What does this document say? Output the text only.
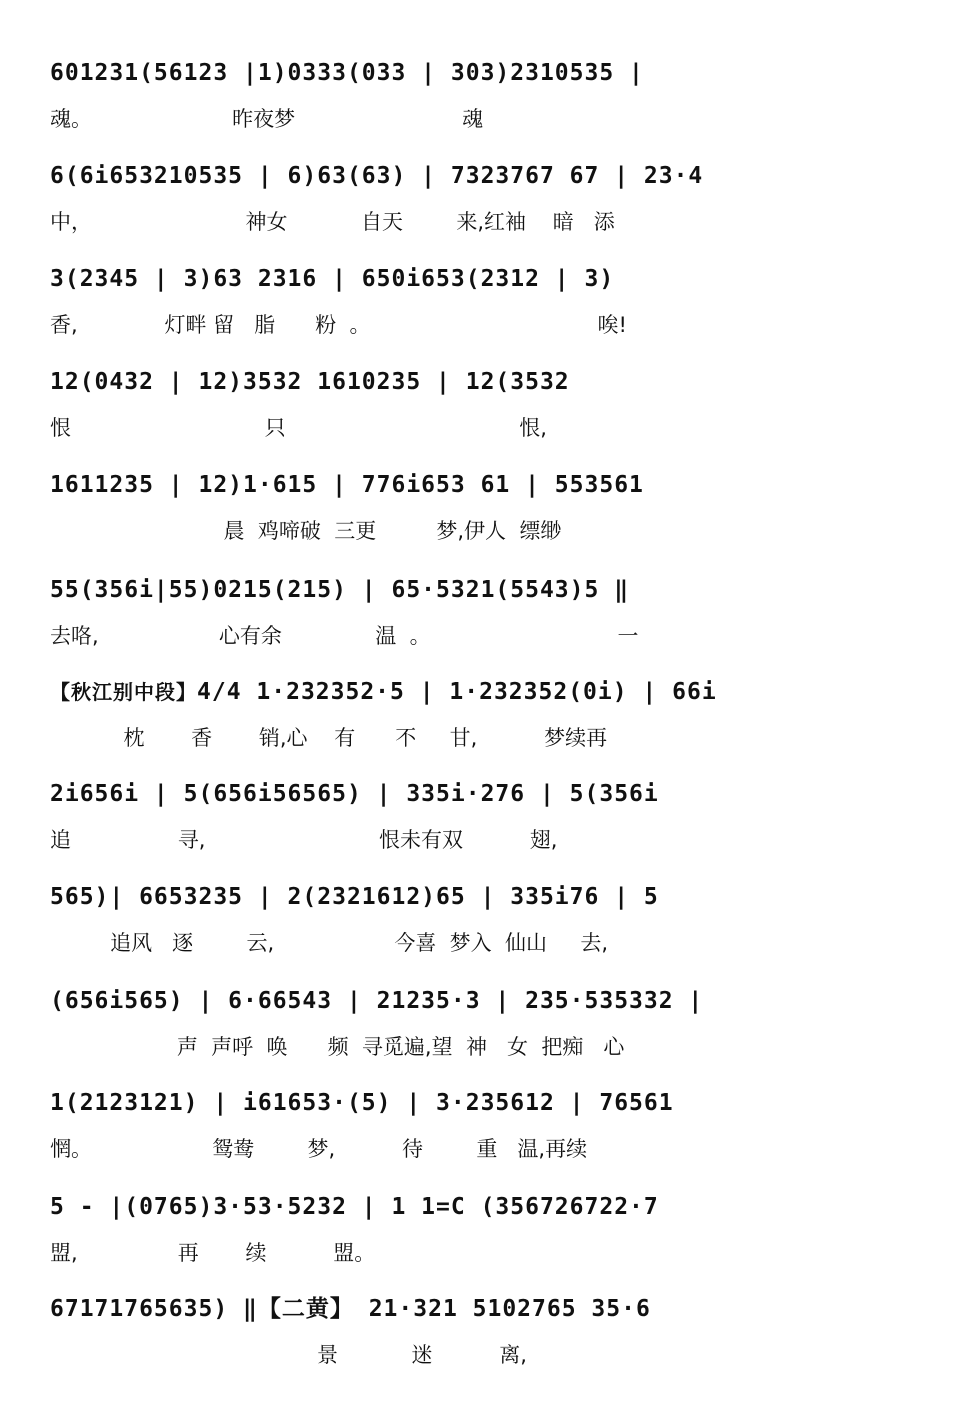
601231(56123 |1)0333(033 | 303)2310535 |
魂。                     昨夜梦                         魂
6(6i653210535 | 6)63(63) | 7323767 67 | 23·4
中，                       神女           自天        来,红袖    暗   添
3(2345 | 3)63 2316 | 650i653(2312 | 3)
香,             灯畔 留   脂      粉  。                                  唉!
12(0432 | 12)3532 1610235 | 12(3532
恨                             只                                   恨,
1611235 | 12)1·615 | 776i653 61 | 553561
晨  鸡啼破  三更         梦,伊人  缥缈
55(356i|55)0215(215) | 65·5321(5543)5 ‖
去咯,                  心有余              温  。                            一
【秋江别中段】4/4 1·232352·5 | 1·232352(0i) | 66i
枕       香       销,心    有      不     甘,          梦续再
2i656i | 5(656i56565) | 335i·276 | 5(356i
追                寻,                          恨未有双          翅,
565)| 6653235 | 2(2321612)65 | 335i76 | 5
追风   逐        云,                  今喜  梦入  仙山     去,
(656i565) | 6·66543 | 21235·3 | 235·535332 |
声  声呼  唤      频  寻觅遍,望  神   女  把痴   心
1(2123121) | i61653·(5) | 3·235612 | 76561
惘。                  鸳鸯        梦,          待        重   温,再续
5 - |(0765)3·53·5232 | 1 1=C (356726722·7
盟,               再       续          盟。
67171765635) ‖【二黄】 21·321 5102765 35·6
景           迷          离,
